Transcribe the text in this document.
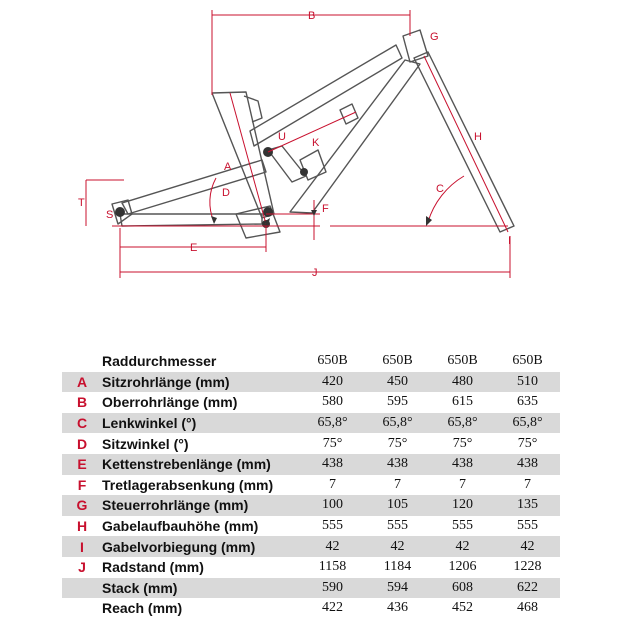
B
G
H
U K
A
C
D
S
T	F
I
E
J
	Raddurchmesser	650B	650B	650B	650B
A	Sitzrohrlänge (mm)	420	450	480	510
B	Oberrohrlänge (mm)	580	595	615	635
C	Lenkwinkel (°)	65,8°	65,8°	65,8°	65,8°
D	Sitzwinkel (°)	75°	75°	75°	75°
E	Kettenstrebenlänge (mm)	438	438	438	438
F	Tretlagerabsenkung (mm)	7	7	7	7
G	Steuerrohrlänge (mm)	100	105	120	135
H	Gabelaufbauhöhe (mm)	555	555	555	555
I	Gabelvorbiegung (mm)	42	42	42	42
J	Radstand (mm)	1158	1184	1206	1228
	Stack (mm)	590	594	608	622
	Reach (mm)	422	436	452	468
